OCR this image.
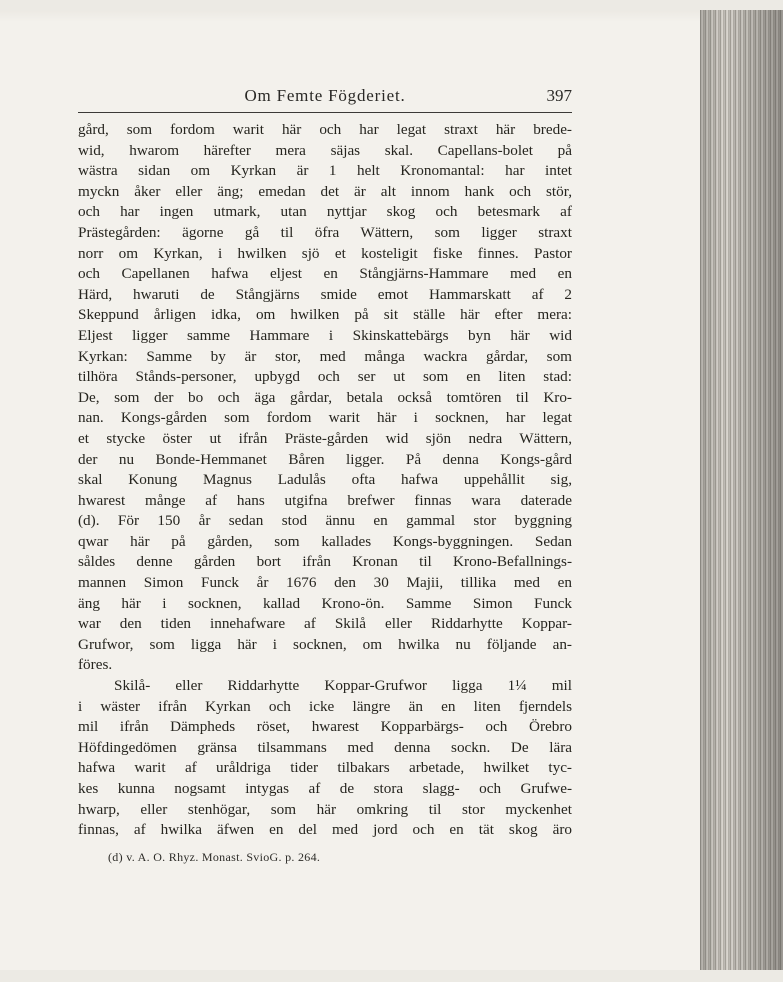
Om Femte Fögderiet.	397
gård, som fordom warit här och har legat straxt här brede-
wid, hwarom härefter mera säjas skal. Capellans-bolet på
wästra sidan om Kyrkan är 1 helt Kronomantal: har intet
myckn åker eller äng; emedan det är alt innom hank och stör,
och har ingen utmark, utan nyttjar skog och betesmark af
Prästegården: ägorne gå til öfra Wättern, som ligger straxt
norr om Kyrkan, i hwilken sjö et kosteligit fiske finnes. Pastor
och Capellanen hafwa eljest en Stångjärns-Hammare med en
Härd, hwaruti de Stångjärns smide emot Hammarskatt af 2
Skeppund årligen idka, om hwilken på sit ställe här efter mera:
Eljest ligger samme Hammare i Skinskattebärgs byn här wid
Kyrkan: Samme by är stor, med många wackra gårdar, som
tilhöra Stånds-personer, upbygd och ser ut som en liten stad:
De, som der bo och äga gårdar, betala också tomtören til Kro-
nan. Kongs-gården som fordom warit här i socknen, har legat
et stycke öster ut ifrån Präste-gården wid sjön nedra Wättern,
der nu Bonde-Hemmanet Båren ligger. På denna Kongs-gård
skal Konung Magnus Ladulås ofta hafwa uppehållit sig,
hwarest månge af hans utgifna brefwer finnas wara daterade
(d). För 150 år sedan stod ännu en gammal stor byggning
qwar här på gården, som kallades Kongs-byggningen. Sedan
såldes denne gården bort ifrån Kronan til Krono-Befallnings-
mannen Simon Funck år 1676 den 30 Majii, tillika med en
äng här i socknen, kallad Krono-ön. Samme Simon Funck
war den tiden innehafware af Skilå eller Riddarhytte Koppar-
Grufwor, som ligga här i socknen, om hwilka nu följande an-
föres.
Skilå- eller Riddarhytte Koppar-Grufwor ligga 1¼ mil
i wäster ifrån Kyrkan och icke längre än en liten fjerndels
mil ifrån Dämpheds röset, hwarest Kopparbärgs- och Örebro
Höfdingedömen gränsa tilsammans med denna sockn. De lära
hafwa warit af uråldriga tider tilbakars arbetade, hwilket tyc-
kes kunna nogsamt intygas af de stora slagg- och Grufwe-
hwarp, eller stenhögar, som här omkring til stor myckenhet
finnas, af hwilka äfwen en del med jord och en tät skog äro
(d) v. A. O. Rhyz. Monast. SvioG. p. 264.
